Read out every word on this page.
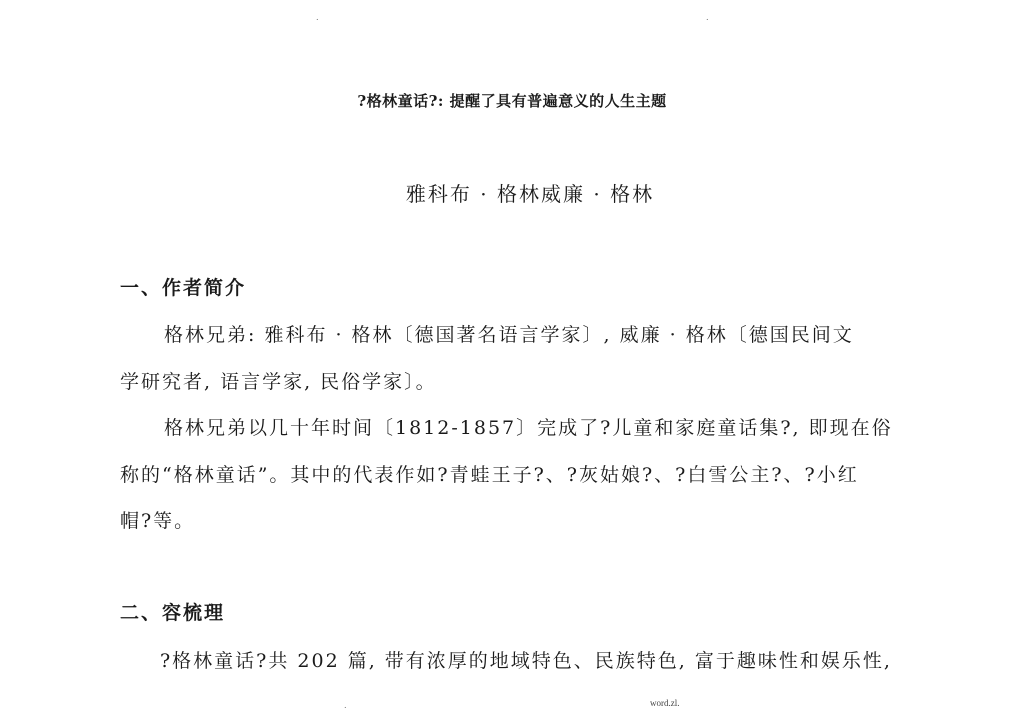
.	.
?格林童话?: 提醒了具有普遍意义的人生主题
雅科布 · 格林威廉 · 格林
一、作者简介
格林兄弟: 雅科布 · 格林〔德国著名语言学家〕, 威廉 · 格林〔德国民间文
学研究者, 语言学家, 民俗学家〕。
格林兄弟以几十年时间〔1812-1857〕完成了?儿童和家庭童话集?, 即现在俗
称的“格林童话”。其中的代表作如?青蛙王子?、?灰姑娘?、?白雪公主?、?小红
帽?等。
二、容梳理
?格林童话?共 202 篇, 带有浓厚的地域特色、民族特色, 富于趣味性和娱乐性,
.	word.zl.
